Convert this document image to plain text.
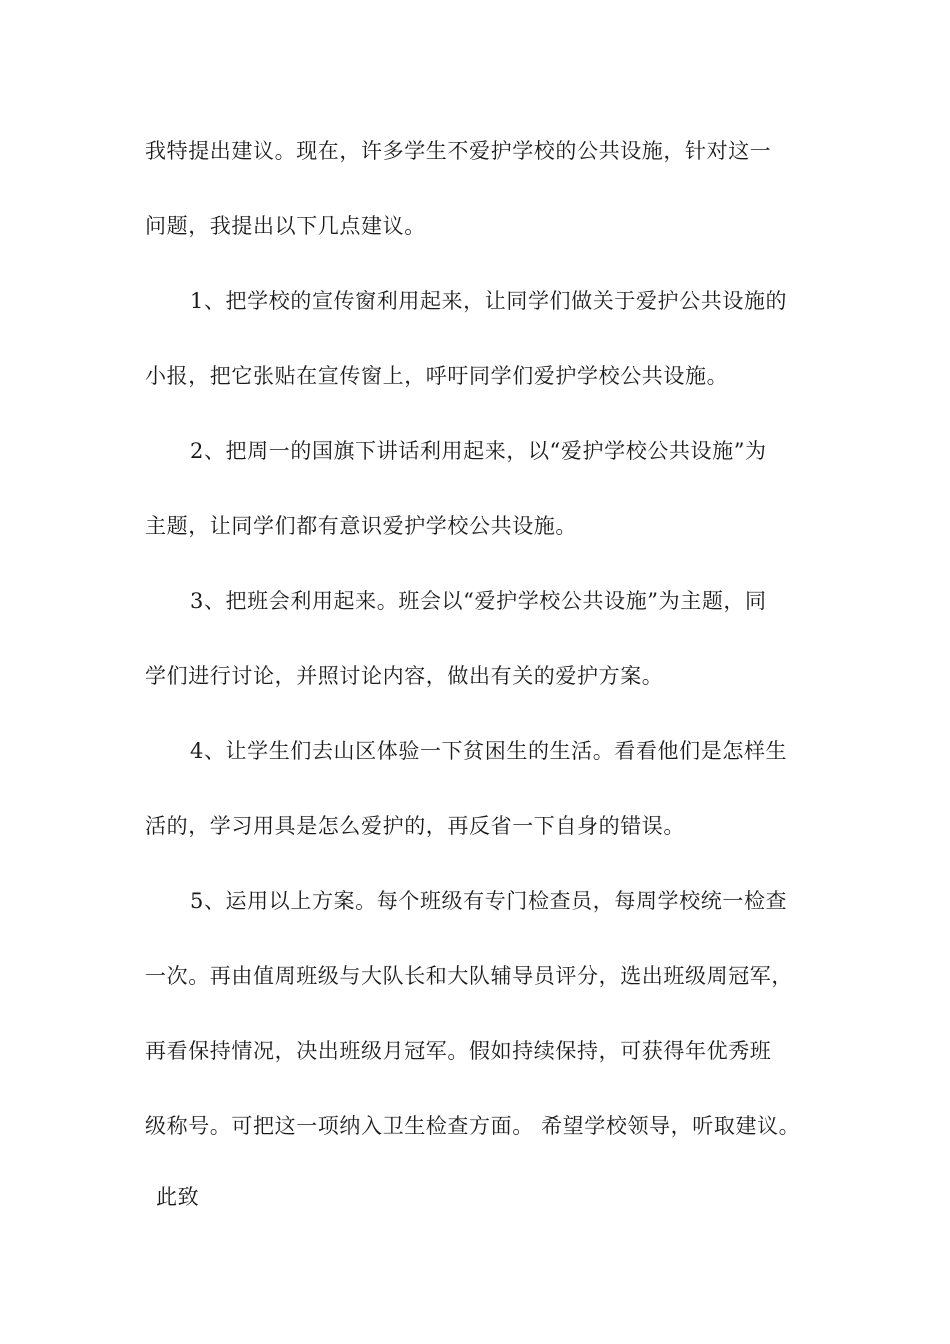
我特提出建议。现在，许多学生不爱护学校的公共设施，针对这一
问题，我提出以下几点建议。
1、把学校的宣传窗利用起来，让同学们做关于爱护公共设施的
小报，把它张贴在宣传窗上，呼吁同学们爱护学校公共设施。
2、把周一的国旗下讲话利用起来，以“爱护学校公共设施”为
主题，让同学们都有意识爱护学校公共设施。
3、把班会利用起来。班会以“爱护学校公共设施”为主题，同
学们进行讨论，并照讨论内容，做出有关的爱护方案。
4、让学生们去山区体验一下贫困生的生活。看看他们是怎样生
活的，学习用具是怎么爱护的，再反省一下自身的错误。
5、运用以上方案。每个班级有专门检查员，每周学校统一检查
一次。再由值周班级与大队长和大队辅导员评分，选出班级周冠军，
再看保持情况，决出班级月冠军。假如持续保持，可获得年优秀班
级称号。可把这一项纳入卫生检查方面。 希望学校领导，听取建议。
此致
